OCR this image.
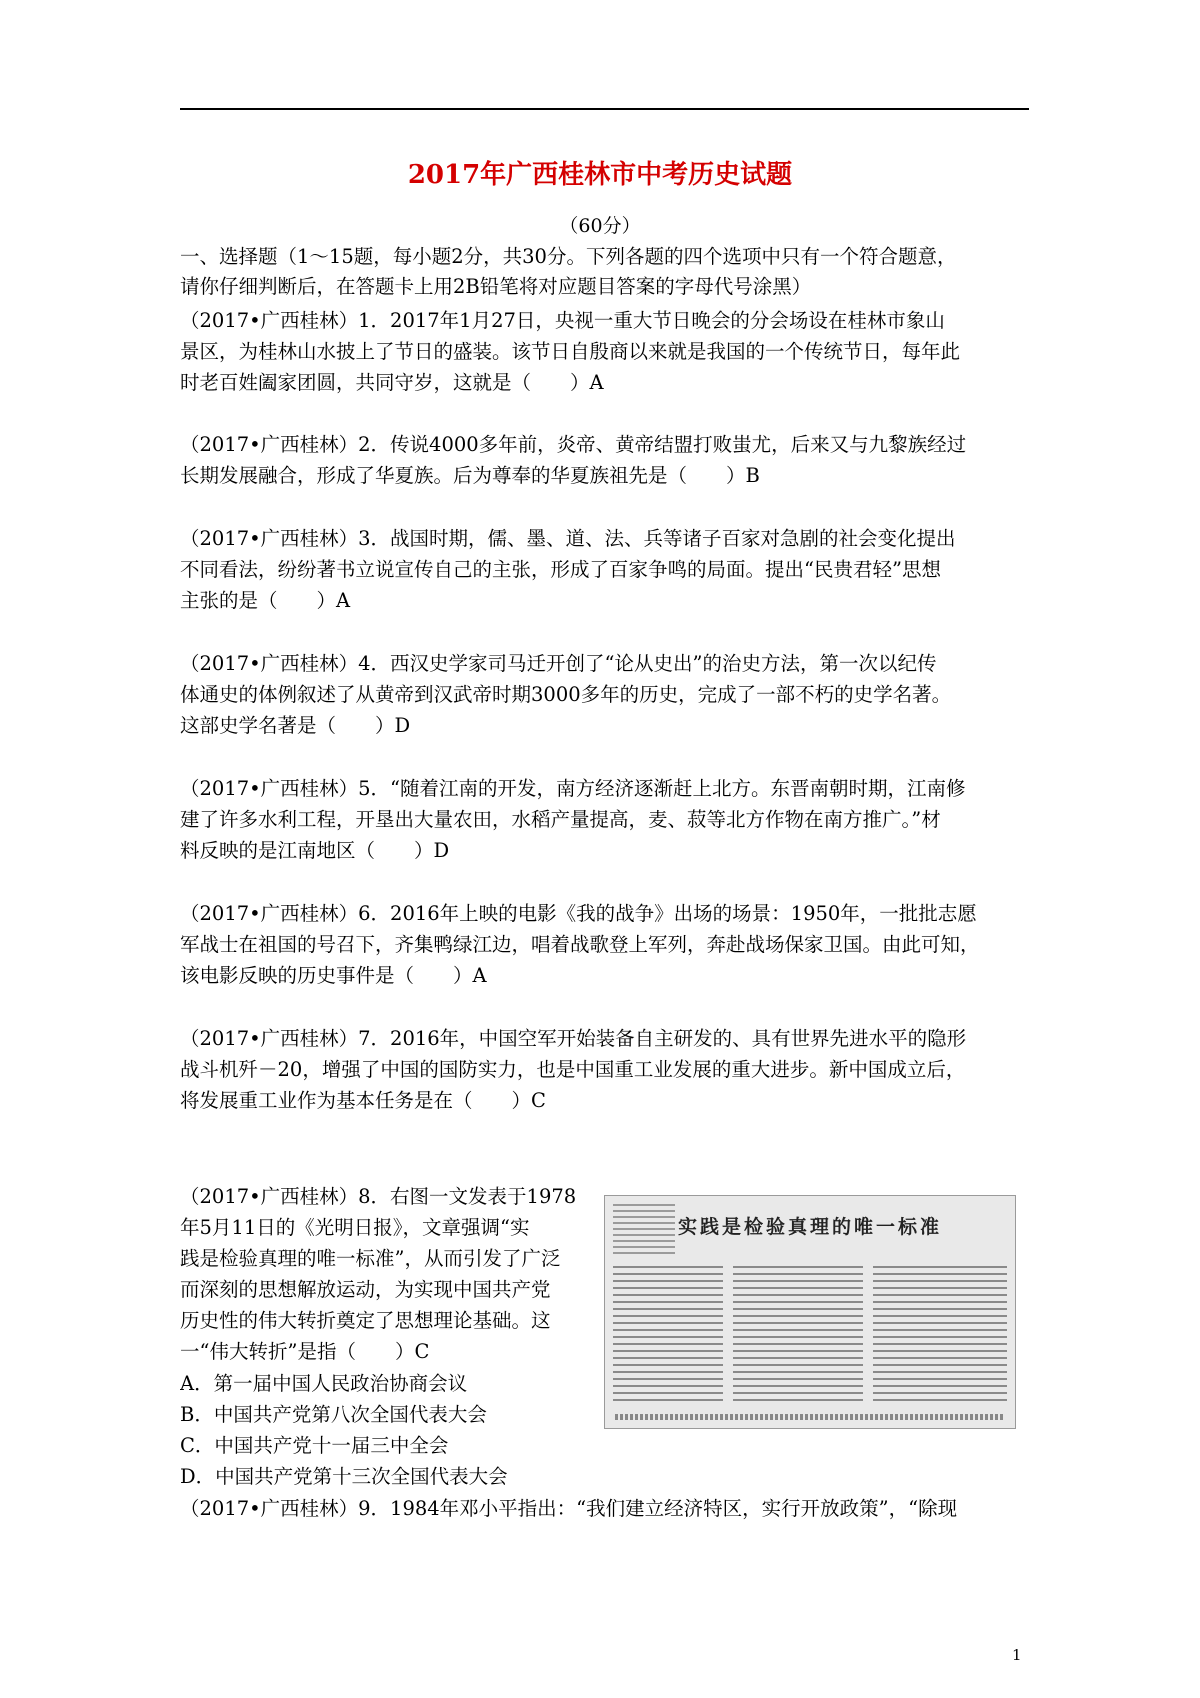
2017年广西桂林市中考历史试题
（60分）
一、选择题（1～15题，每小题2分，共30分。下列各题的四个选项中只有一个符合题意，
请你仔细判断后，在答题卡上用2B铅笔将对应题目答案的字母代号涂黑）
（2017•广西桂林）1．2017年1月27日，央视一重大节日晚会的分会场设在桂林市象山
景区，为桂林山水披上了节日的盛装。该节日自殷商以来就是我国的一个传统节日，每年此
时老百姓阖家团圆，共同守岁，这就是（　　）A
（2017•广西桂林）2．传说4000多年前，炎帝、黄帝结盟打败蚩尤，后来又与九黎族经过
长期发展融合，形成了华夏族。后为尊奉的华夏族祖先是（　　）B
（2017•广西桂林）3．战国时期，儒、墨、道、法、兵等诸子百家对急剧的社会变化提出
不同看法，纷纷著书立说宣传自己的主张，形成了百家争鸣的局面。提出“民贵君轻”思想
主张的是（　　）A
（2017•广西桂林）4．西汉史学家司马迁开创了“论从史出”的治史方法，第一次以纪传
体通史的体例叙述了从黄帝到汉武帝时期3000多年的历史，完成了一部不朽的史学名著。
这部史学名著是（　　）D
（2017•广西桂林）5．“随着江南的开发，南方经济逐渐赶上北方。东晋南朝时期，江南修
建了许多水利工程，开垦出大量农田，水稻产量提高，麦、菽等北方作物在南方推广。”材
料反映的是江南地区（　　）D
（2017•广西桂林）6．2016年上映的电影《我的战争》出场的场景：1950年，一批批志愿
军战士在祖国的号召下，齐集鸭绿江边，唱着战歌登上军列，奔赴战场保家卫国。由此可知，
该电影反映的历史事件是（　　）A
（2017•广西桂林）7．2016年，中国空军开始装备自主研发的、具有世界先进水平的隐形
战斗机歼－20，增强了中国的国防实力，也是中国重工业发展的重大进步。新中国成立后，
将发展重工业作为基本任务是在（　　）C
（2017•广西桂林）8．右图一文发表于1978
年5月11日的《光明日报》，文章强调“实
践是检验真理的唯一标准”，从而引发了广泛
而深刻的思想解放运动，为实现中国共产党
历史性的伟大转折奠定了思想理论基础。这
一“伟大转折”是指（　　）C
A．第一届中国人民政治协商会议
B．中国共产党第八次全国代表大会
C．中国共产党十一届三中全会
D．中国共产党第十三次全国代表大会
实践是检验真理的唯一标准
（2017•广西桂林）9．1984年邓小平指出：“我们建立经济特区，实行开放政策”，“除现
1
